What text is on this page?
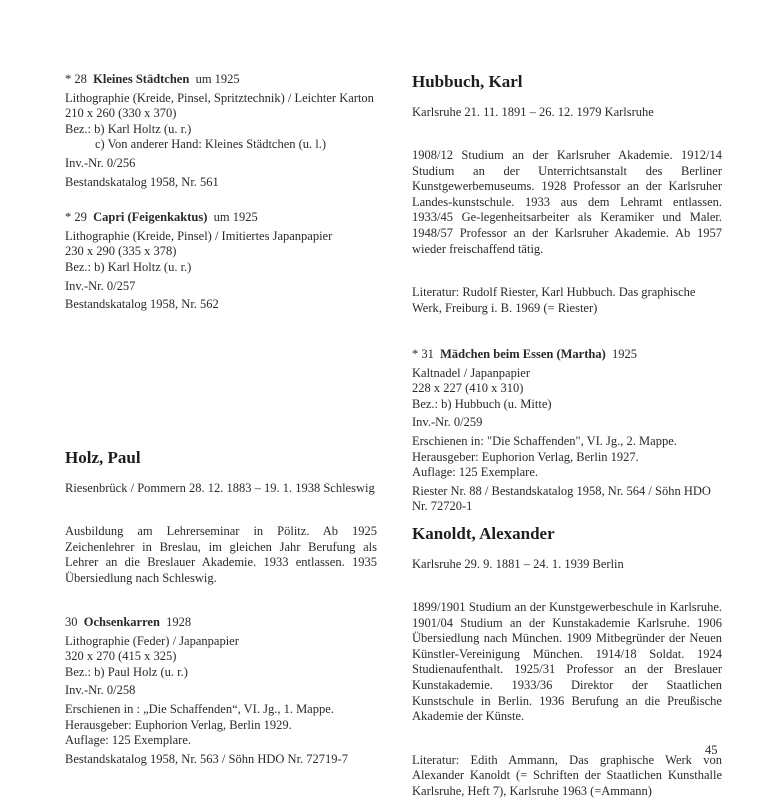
* 28 Kleines Städtchen um 1925

Lithographie (Kreide, Pinsel, Spritztechnik) / Leichter Karton

210 x 260 (330 x 370)

Bez.: b) Karl Holtz (u. r.)

c) Von anderer Hand: Kleines Städtchen (u. l.)

Inv.-Nr. 0/256

Bestandskatalog 1958, Nr. 561

* 29 Capri (Feigenkaktus) um 1925

Lithographie (Kreide, Pinsel) / Imitiertes Japanpapier

230 x 290 (335 x 378)

Bez.: b) Karl Holtz (u. r.)

Inv.-Nr. 0/257

Bestandskatalog 1958, Nr. 562

Holz, Paul

Riesenbrück / Pommern 28. 12. 1883 – 19. 1. 1938 Schleswig

Ausbildung am Lehrerseminar in Pölitz. Ab 1925 Zeichenlehrer in Breslau, im gleichen Jahr Berufung als Lehrer an die Breslauer Akademie. 1933 entlassen. 1935 Übersiedlung nach Schleswig.

30 Ochsenkarren 1928

Lithographie (Feder) / Japanpapier

320 x 270 (415 x 325)

Bez.: b) Paul Holz (u. r.)

Inv.-Nr. 0/258

Erschienen in : „Die Schaffenden“, VI. Jg., 1. Mappe.

Herausgeber: Euphorion Verlag, Berlin 1929.

Auflage: 125 Exemplare.

Bestandskatalog 1958, Nr. 563 / Söhn HDO Nr. 72719-7

Hubbuch, Karl

Karlsruhe 21. 11. 1891 – 26. 12. 1979 Karlsruhe

1908/12 Studium an der Karlsruher Akademie. 1912/14 Studium an der Unterrichtsanstalt des Berliner Kunstgewerbemuseums. 1928 Professor an der Karlsruher Landes-kunstschule. 1933 aus dem Lehramt entlassen. 1933/45 Ge-legenheitsarbeiter als Keramiker und Maler. 1948/57 Professor an der Karlsruher Akademie. Ab 1957 wieder freischaffend tätig.

Literatur: Rudolf Riester, Karl Hubbuch. Das graphische Werk, Freiburg i. B. 1969 (= Riester)

* 31 Mädchen beim Essen (Martha) 1925

Kaltnadel / Japanpapier

228 x 227 (410 x 310)

Bez.: b) Hubbuch (u. Mitte)

Inv.-Nr. 0/259

Erschienen in: "Die Schaffenden", VI. Jg., 2. Mappe.

Herausgeber: Euphorion Verlag, Berlin 1927.

Auflage: 125 Exemplare.

Riester Nr. 88 / Bestandskatalog 1958, Nr. 564 / Söhn HDO Nr. 72720-1

Kanoldt, Alexander

Karlsruhe 29. 9. 1881 – 24. 1. 1939 Berlin

1899/1901 Studium an der Kunstgewerbeschule in Karlsruhe. 1901/04 Studium an der Kunstakademie Karlsruhe. 1906 Übersiedlung nach München. 1909 Mitbegründer der Neuen Künstler-Vereinigung München. 1914/18 Soldat. 1924 Studienaufenthalt. 1925/31 Professor an der Breslauer Kunstakademie. 1933/36 Direktor der Staatlichen Kunstschule in Berlin. 1936 Berufung an die Preußische Akademie der Künste.

Literatur: Edith Ammann, Das graphische Werk von Alexander Kanoldt (= Schriften der Staatlichen Kunsthalle Karlsruhe, Heft 7), Karlsruhe 1963 (=Ammann)

45
